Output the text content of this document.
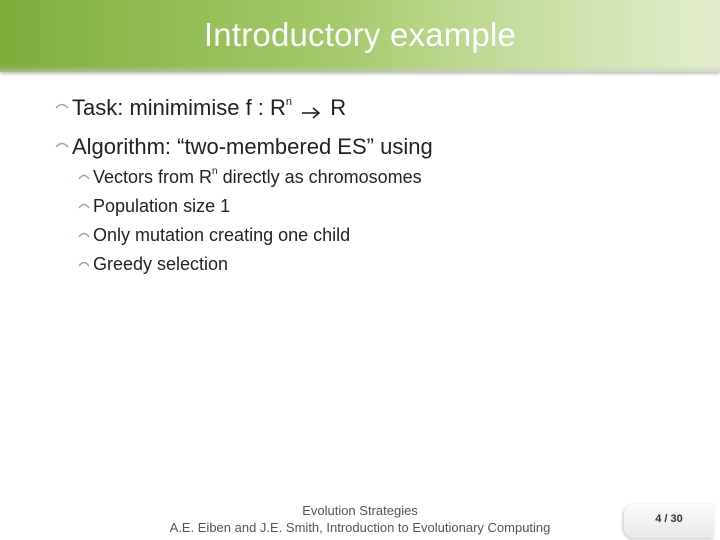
Introductory example
Task: minimimise f : $R^n$ R
Algorithm: “two-membered ES” using
Vectors from $R^n$ directly as chromosomes
Population size 1
Only mutation creating one child
Greedy selection
Evolution Strategies
A.E. Eiben and J.E. Smith, Introduction to Evolutionary Computing
4 / 30
